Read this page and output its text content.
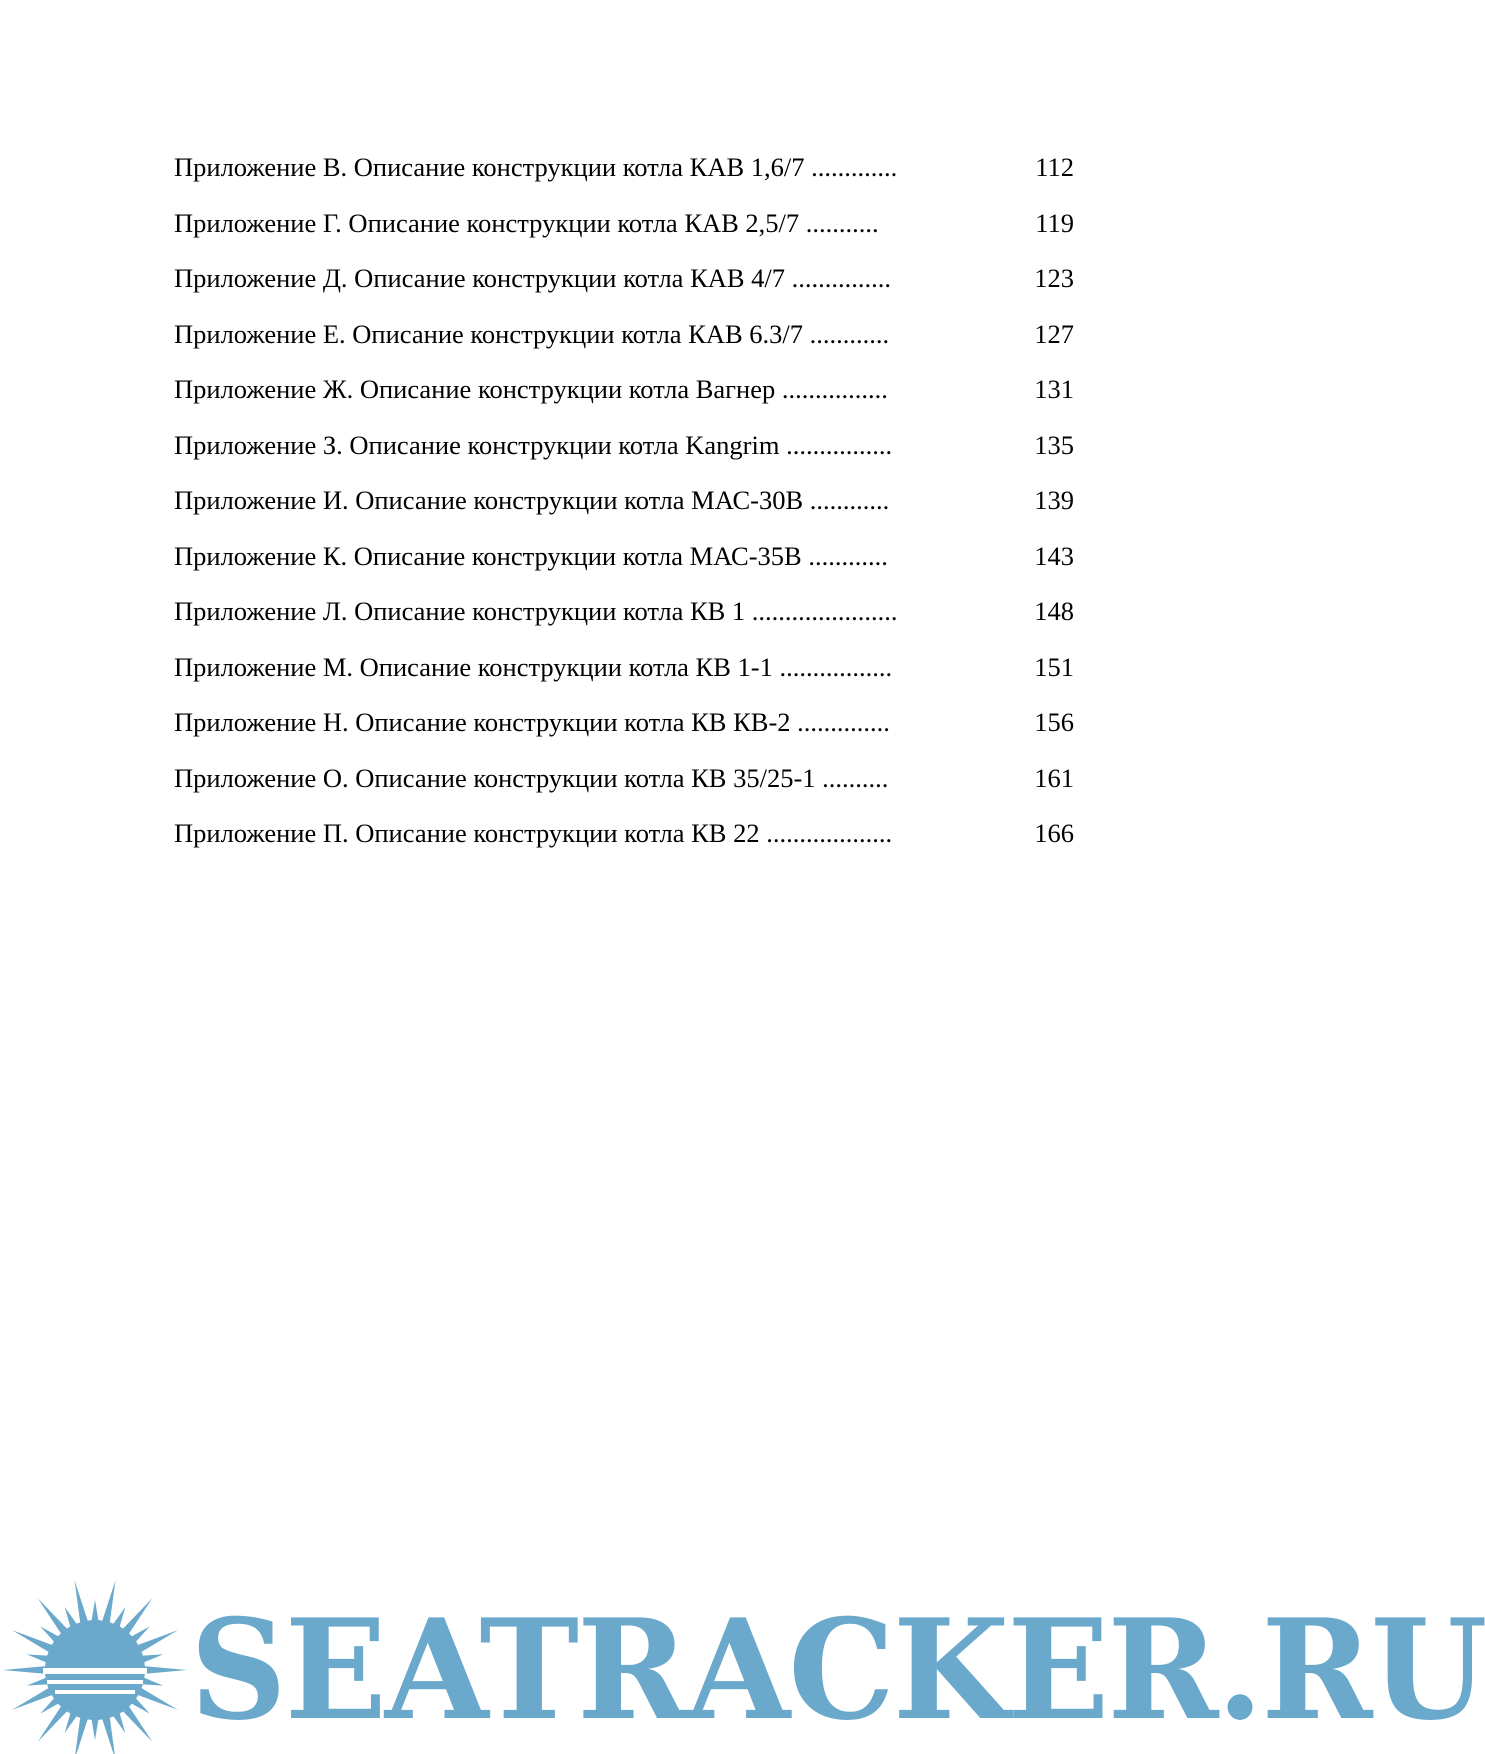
Приложение В. Описание конструкции котла КАВ 1,6/7 .............	112
Приложение Г. Описание конструкции котла КАВ 2,5/7 ...........	119
Приложение Д. Описание конструкции котла КАВ 4/7 ...............	123
Приложение Е. Описание конструкции котла КАВ 6.3/7 ............	127
Приложение Ж. Описание конструкции котла Вагнер ................	131
Приложение З. Описание конструкции котла Kangrim ................	135
Приложение И. Описание конструкции котла МАС-30В ............	139
Приложение К. Описание конструкции котла МАС-35В ............	143
Приложение Л. Описание конструкции котла КВ 1 ......................	148
Приложение М. Описание конструкции котла КВ 1-1 .................	151
Приложение Н. Описание конструкции котла КВ КВ-2 ..............	156
Приложение О. Описание конструкции котла КВ 35/25-1 ..........	161
Приложение П. Описание конструкции котла КВ 22 ...................	166
SEATRACKER.RU
